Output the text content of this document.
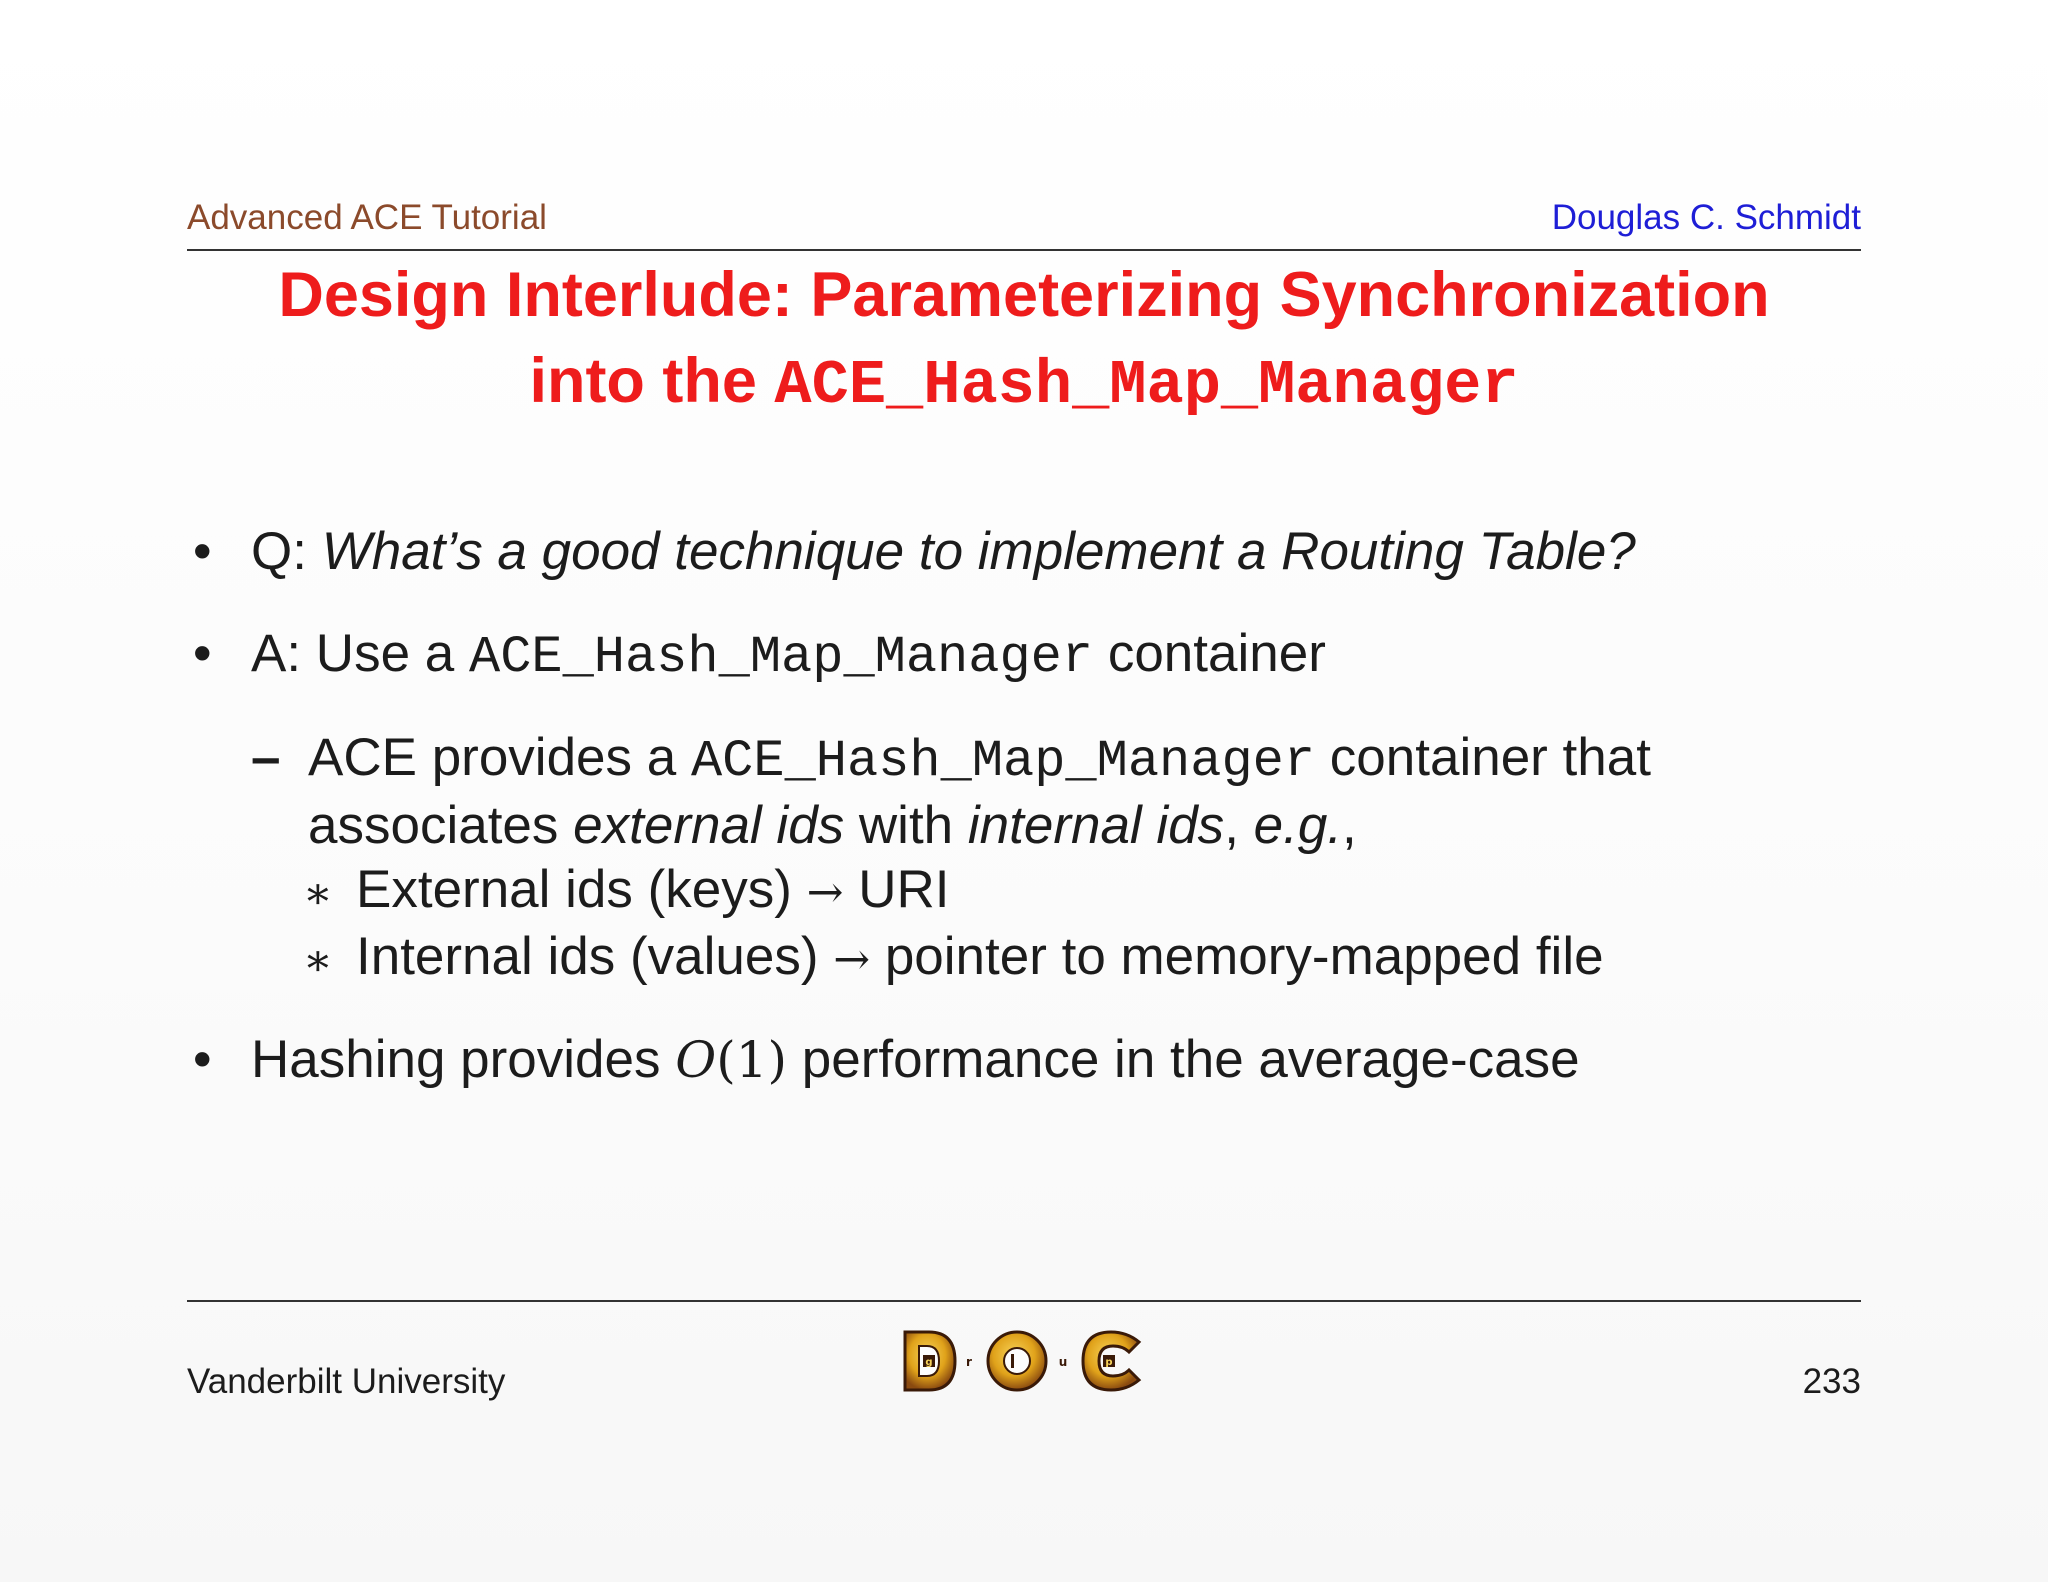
Advanced ACE Tutorial	Douglas C. Schmidt
Design Interlude: Parameterizing Synchronization
into the ACE_Hash_Map_Manager
• Q: What’s a good technique to implement a Routing Table?
• A: Use a ACE_Hash_Map_Manager container
– ACE provides a ACE_Hash_Map_Manager container that
associates external ids with internal ids, e.g.,
∗ External ids (keys) → URI
∗ Internal ids (values) → pointer to memory-mapped file
• Hashing provides O(1) performance in the average-case
Vanderbilt University	g	r	u	p	233
